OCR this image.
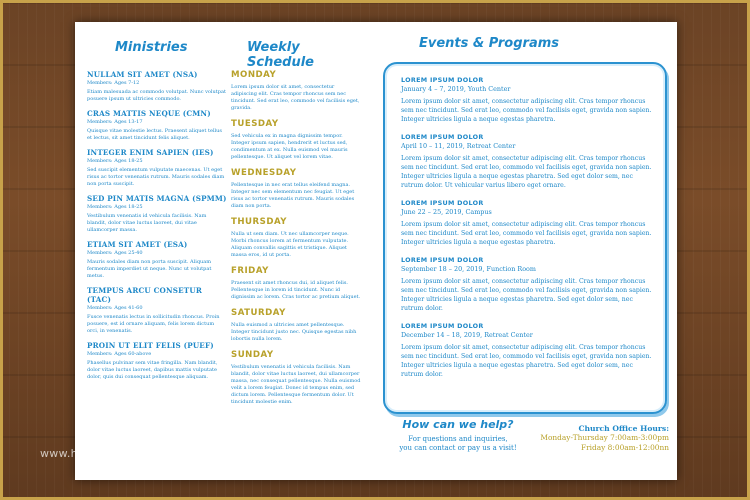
Ministries
NULLAM SIT AMET (NSA)
Members: Ages 7-12
Etiam malesuada ac commodo volutpat. Nunc volutpat posuere ipsum ut ultricies commodo.
CRAS MATTIS NEQUE (CMN)
Members: Ages 13-17
Quisque vitae molestie lectus. Praesent aliquet tellus et lectus, sit amet tincidunt felis aliquet.
INTEGER ENIM SAPIEN (IES)
Members: Ages 18-25
Sed suscipit elementum vulputate maecenas. Ut eget risus ac tortor venenatis rutrum. Mauris sodales diam non porta suscipit.
SED PIN MATIS MAGNA (SPMM)
Members: Ages 18-25
Vestibulum venenatis id vehicula facilisis. Nam blandit, dolor vitae luctus laoreet, dui vitae ullamcorper massa.
ETIAM SIT AMET (ESA)
Members: Ages 25-40
Mauris sodales diam non porta suscipit. Aliquam fermentum imperdiet ut neque. Nunc ut volutpat metus.
TEMPUS ARCU CONSETUR (TAC)
Members: Ages 41-60
Fusce venenatis lectus in sollicitudin rhoncus. Proin posuere, est id ornare aliquam, felis lorem dictum orci, in venenatis.
PROIN UT ELIT FELIS (PUEF)
Members: Ages 60-above
Phasellus pulvinar sem vitae fringilla. Nam blandit, dolor vitae luctus laoreet, dapibus mattis vulputate dolor, quis dui consequat pellentesque aliquam.
Weekly Schedule
MONDAY
Lorem ipsum dolor sit amet, consectetur adipiscing elit. Cras tempor rhoncus sem nec tincidunt. Sed erat leo, commodo vel facilisis eget, gravida.
TUESDAY
Sed vehicula ex in magna dignissim tempor. Integer ipsum sapien, hendrerit et luctus sed, condimentum at ex. Nulla euismod vel mauris pellentesque. Ut aliquet vel lorem vitae.
WEDNESDAY
Pellentesque in nec erat tellus eleifend magna. Integer nec sem elementum nec feugiat. Ut eget risus ac tortor venenatis rutrum. Mauris sodales diam non porta.
THURSDAY
Nulla ut sem diam. Ut nec ullamcorper neque. Morbi rhoncus lorem at fermentum vulputate. Aliquam convallis sagittis et tristique. Aliquet massa eros, id ut porta.
FRIDAY
Praesent sit amet rhoncus dui, id aliquet felis. Pellentesque in lorem id tincidunt. Nunc id dignissim ac lorem. Cras tortor ac pretium aliquet.
SATURDAY
Nulla euismod a ultricies amet pellentesque. Integer tincidunt justo nec. Quisque egestas nibh lobortis nulla lorem.
SUNDAY
Vestibulum venenatis id vehicula facilisis. Nam blandit, dolor vitae luctus laoreet, dui ullamcorper massa, nec consequat pellentesque. Nulla euismod velit a lorem feugiat. Donec id tempus enim, sed dictum lorem. Pellentesque fermentum dolor. Ut tincidunt molestie enim.
Events & Programs
LOREM IPSUM DOLOR
January 4 – 7, 2019, Youth Center
Lorem ipsum dolor sit amet, consectetur adipiscing elit. Cras tempor rhoncus sem nec tincidunt. Sed erat leo, commodo vel facilisis eget, gravida non sapien. Integer ultricies ligula a neque egestas pharetra.
LOREM IPSUM DOLOR
April 10 – 11, 2019, Retreat Center
Lorem ipsum dolor sit amet, consectetur adipiscing elit. Cras tempor rhoncus sem nec tincidunt. Sed erat leo, commodo vel facilisis eget, gravida non sapien. Integer ultricies ligula a neque egestas pharetra. Sed eget dolor sem, nec rutrum dolor. Ut vehicular varius libero eget ornare.
LOREM IPSUM DOLOR
June 22 – 25, 2019, Campus
Lorem ipsum dolor sit amet, consectetur adipiscing elit. Cras tempor rhoncus sem nec tincidunt. Sed erat leo, commodo vel facilisis eget, gravida non sapien. Integer ultricies ligula a neque egestas pharetra.
LOREM IPSUM DOLOR
September 18 – 20, 2019, Function Room
Lorem ipsum dolor sit amet, consectetur adipiscing elit. Cras tempor rhoncus sem nec tincidunt. Sed erat leo, commodo vel facilisis eget, gravida non sapien. Integer ultricies ligula a neque egestas pharetra. Sed eget dolor sem, nec rutrum dolor.
LOREM IPSUM DOLOR
December 14 – 18, 2019, Retreat Center
Lorem ipsum dolor sit amet, consectetur adipiscing elit. Cras tempor rhoncus sem nec tincidunt. Sed erat leo, commodo vel facilisis eget, gravida non sapien. Integer ultricies ligula a neque egestas pharetra. Sed eget dolor sem, nec rutrum dolor.
How can we help?
For questions and inquiries,
you can contact or pay us a visit!
Church Office Hours:
Monday-Thursday 7:00am-3:00pm
Friday 8:00am-12:00nn
www.heartsaintkristin.org
